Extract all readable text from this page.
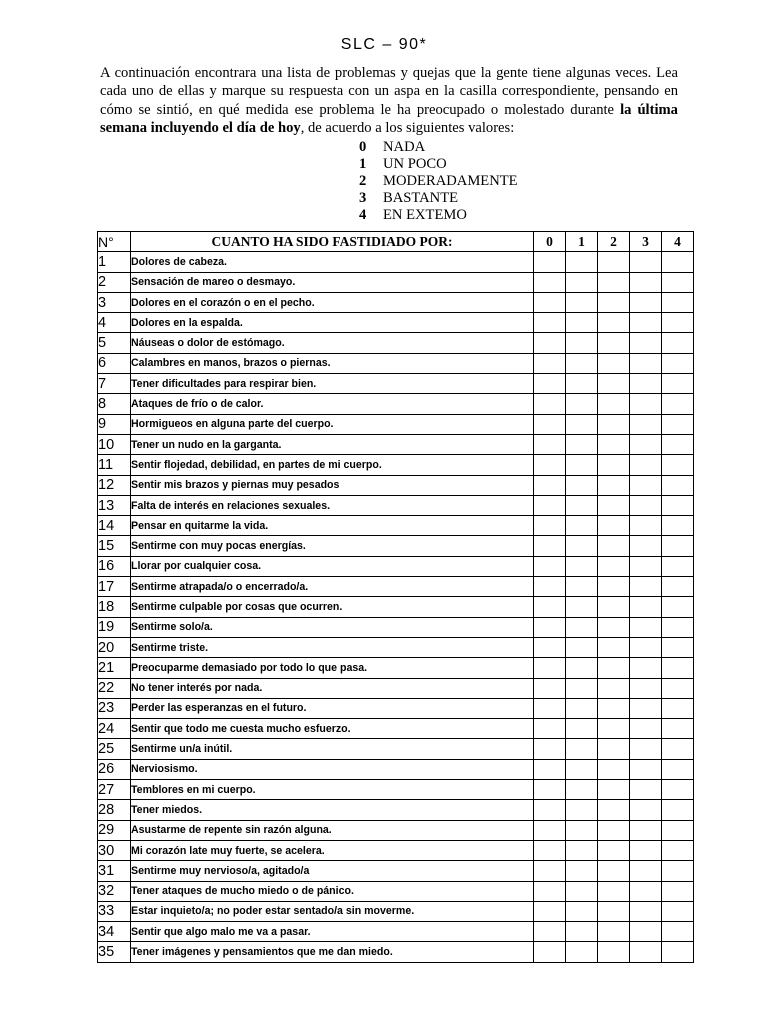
SLC – 90*
A continuación encontrara una lista de problemas y quejas que la gente tiene algunas veces. Lea cada uno de ellas y marque su respuesta con un aspa en la casilla correspondiente, pensando en cómo se sintió, en qué medida ese problema le ha preocupado o molestado durante la última semana incluyendo el día de hoy, de acuerdo a los siguientes valores:
0	NADA
1	UN POCO
2	MODERADAMENTE
3	BASTANTE
4	EN EXTEMO
N°	CUANTO HA SIDO FASTIDIADO POR:	0	1	2	3	4
1	Dolores de cabeza.					
2	Sensación de mareo o desmayo.					
3	Dolores en el corazón o en el pecho.					
4	Dolores en la espalda.					
5	Náuseas o dolor de estómago.					
6	Calambres en manos, brazos o piernas.					
7	Tener dificultades para respirar bien.					
8	Ataques de frío o de calor.					
9	Hormigueos en alguna parte del cuerpo.					
10	Tener un nudo en la garganta.					
11	Sentir flojedad, debilidad, en partes de mi cuerpo.					
12	Sentir mis brazos y piernas muy pesados					
13	Falta de interés en relaciones sexuales.					
14	Pensar en quitarme la vida.					
15	Sentirme con muy pocas energías.					
16	Llorar por cualquier cosa.					
17	Sentirme atrapada/o o encerrado/a.					
18	Sentirme culpable por cosas que ocurren.					
19	Sentirme solo/a.					
20	Sentirme triste.					
21	Preocuparme demasiado por todo lo que pasa.					
22	No tener interés por nada.					
23	Perder las esperanzas en el futuro.					
24	Sentir que todo me cuesta mucho esfuerzo.					
25	Sentirme un/a inútil.					
26	Nerviosismo.					
27	Temblores en mi cuerpo.					
28	Tener miedos.					
29	Asustarme de repente sin razón alguna.					
30	Mi corazón late muy fuerte, se acelera.					
31	Sentirme muy nervioso/a, agitado/a					
32	Tener ataques de mucho miedo o de pánico.					
33	Estar inquieto/a; no poder estar sentado/a sin moverme.					
34	Sentir que algo malo me va a pasar.					
35	Tener imágenes y pensamientos que me dan miedo.					
